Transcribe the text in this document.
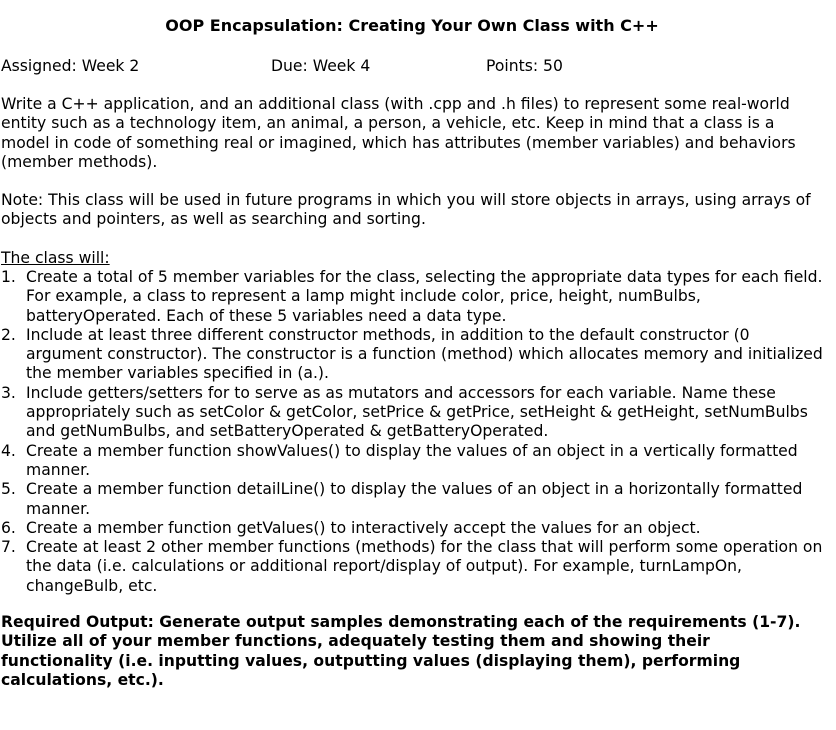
OOP Encapsulation: Creating Your Own Class with C++
Assigned: Week 2	Due: Week 4	Points: 50

Write a C++ application, and an additional class (with .cpp and .h files) to represent some real-world entity such as a technology item, an animal, a person, a vehicle, etc. Keep in mind that a class is a model in code of something real or imagined, which has attributes (member variables) and behaviors (member methods).

Note: This class will be used in future programs in which you will store objects in arrays, using arrays of objects and pointers, as well as searching and sorting.

The class will:
1. Create a total of 5 member variables for the class, selecting the appropriate data types for each field. For example, a class to represent a lamp might include color, price, height, numBulbs, batteryOperated. Each of these 5 variables need a data type.
2. Include at least three different constructor methods, in addition to the default constructor (0 argument constructor). The constructor is a function (method) which allocates memory and initialized the member variables specified in (a.).
3. Include getters/setters for to serve as as mutators and accessors for each variable. Name these appropriately such as setColor & getColor, setPrice & getPrice, setHeight & getHeight, setNumBulbs and getNumBulbs, and setBatteryOperated & getBatteryOperated.
4. Create a member function showValues() to display the values of an object in a vertically formatted manner.
5. Create a member function detailLine() to display the values of an object in a horizontally formatted manner.
6. Create a member function getValues() to interactively accept the values for an object.
7. Create at least 2 other member functions (methods) for the class that will perform some operation on the data (i.e. calculations or additional report/display of output). For example, turnLampOn, changeBulb, etc.

Required Output: Generate output samples demonstrating each of the requirements (1-7). Utilize all of your member functions, adequately testing them and showing their functionality (i.e. inputting values, outputting values (displaying them), performing calculations, etc.).
